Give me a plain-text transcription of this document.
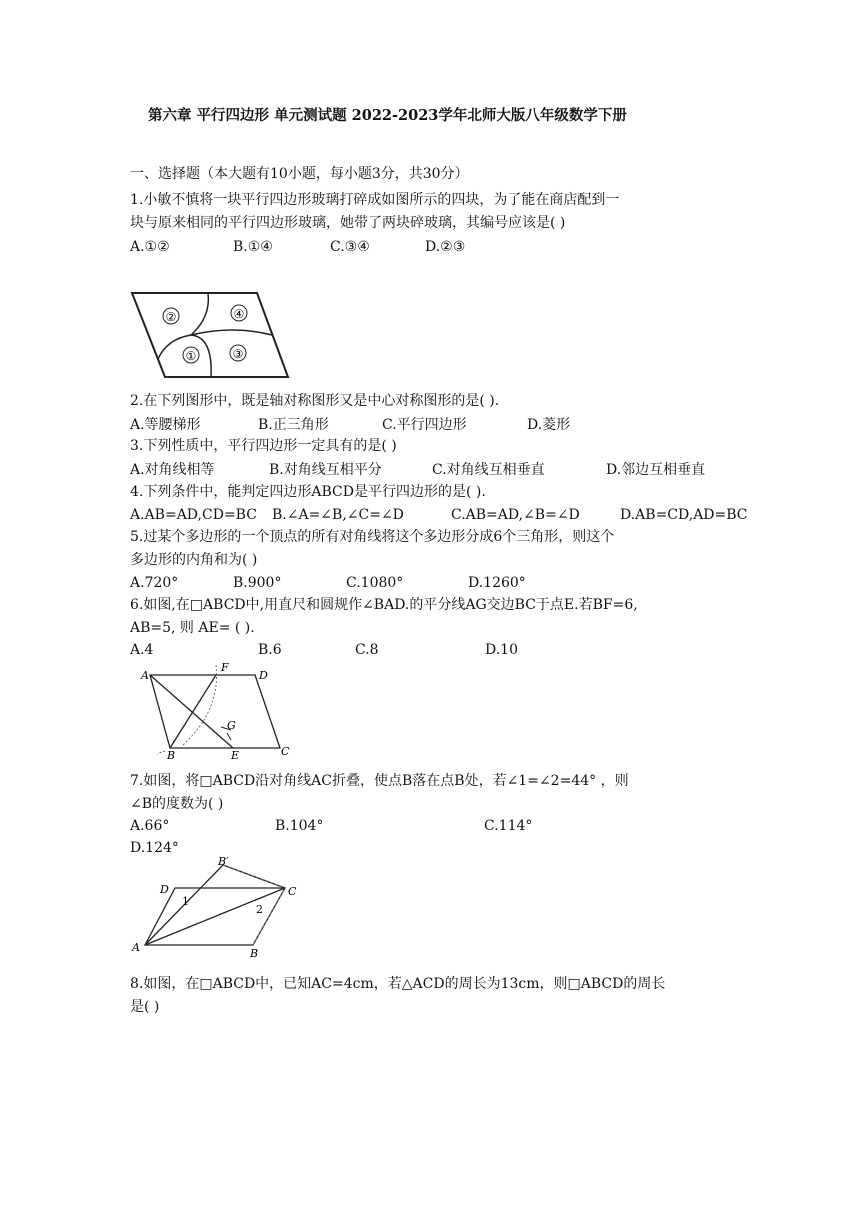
第六章 平行四边形 单元测试题 2022-2023学年北师大版八年级数学下册
一、选择题（本大题有10小题，每小题3分，共30分）
1.小敏不慎将一块平行四边形玻璃打碎成如图所示的四块，为了能在商店配到一
块与原来相同的平行四边形玻璃，她带了两块碎玻璃，其编号应该是( )
A.①②	B.①④	C.③④	D.②③
②	④
①	③
2.在下列图形中，既是轴对称图形又是中心对称图形的是( ).
A.等腰梯形	B.正三角形	C.平行四边形	D.菱形
3.下列性质中，平行四边形一定具有的是( )
A.对角线相等	B.对角线互相平分	C.对角线互相垂直	D.邻边互相垂直
4.下列条件中，能判定四边形ABCD是平行四边形的是( ).
A.AB=AD,CD=BC B.∠A=∠B,∠C=∠D	C.AB=AD,∠B=∠D	D.AB=CD,AD=BC
5.过某个多边形的一个顶点的所有对角线将这个多边形分成6个三角形，则这个
多边形的内角和为( )
A.720°	B.900°	C.1080°	D.1260°
6.如图,在□ABCD中,用直尺和圆规作∠BAD.的平分线AG交边BC于点E.若BF=6,
AB=5, 则 AE= ( ).
A.4	B.6	C.8	D.10
A
F
D
G
B	E	C
7.如图，将□ABCD沿对角线AC折叠，使点B落在点B处，若∠1=∠2=44° ，则
∠B的度数为( )
A.66°	B.104°	C.114°
D.124°
B′
D
1
C
2
A	B
8.如图，在□ABCD中，已知AC=4cm，若△ACD的周长为13cm，则□ABCD的周长
是( )
